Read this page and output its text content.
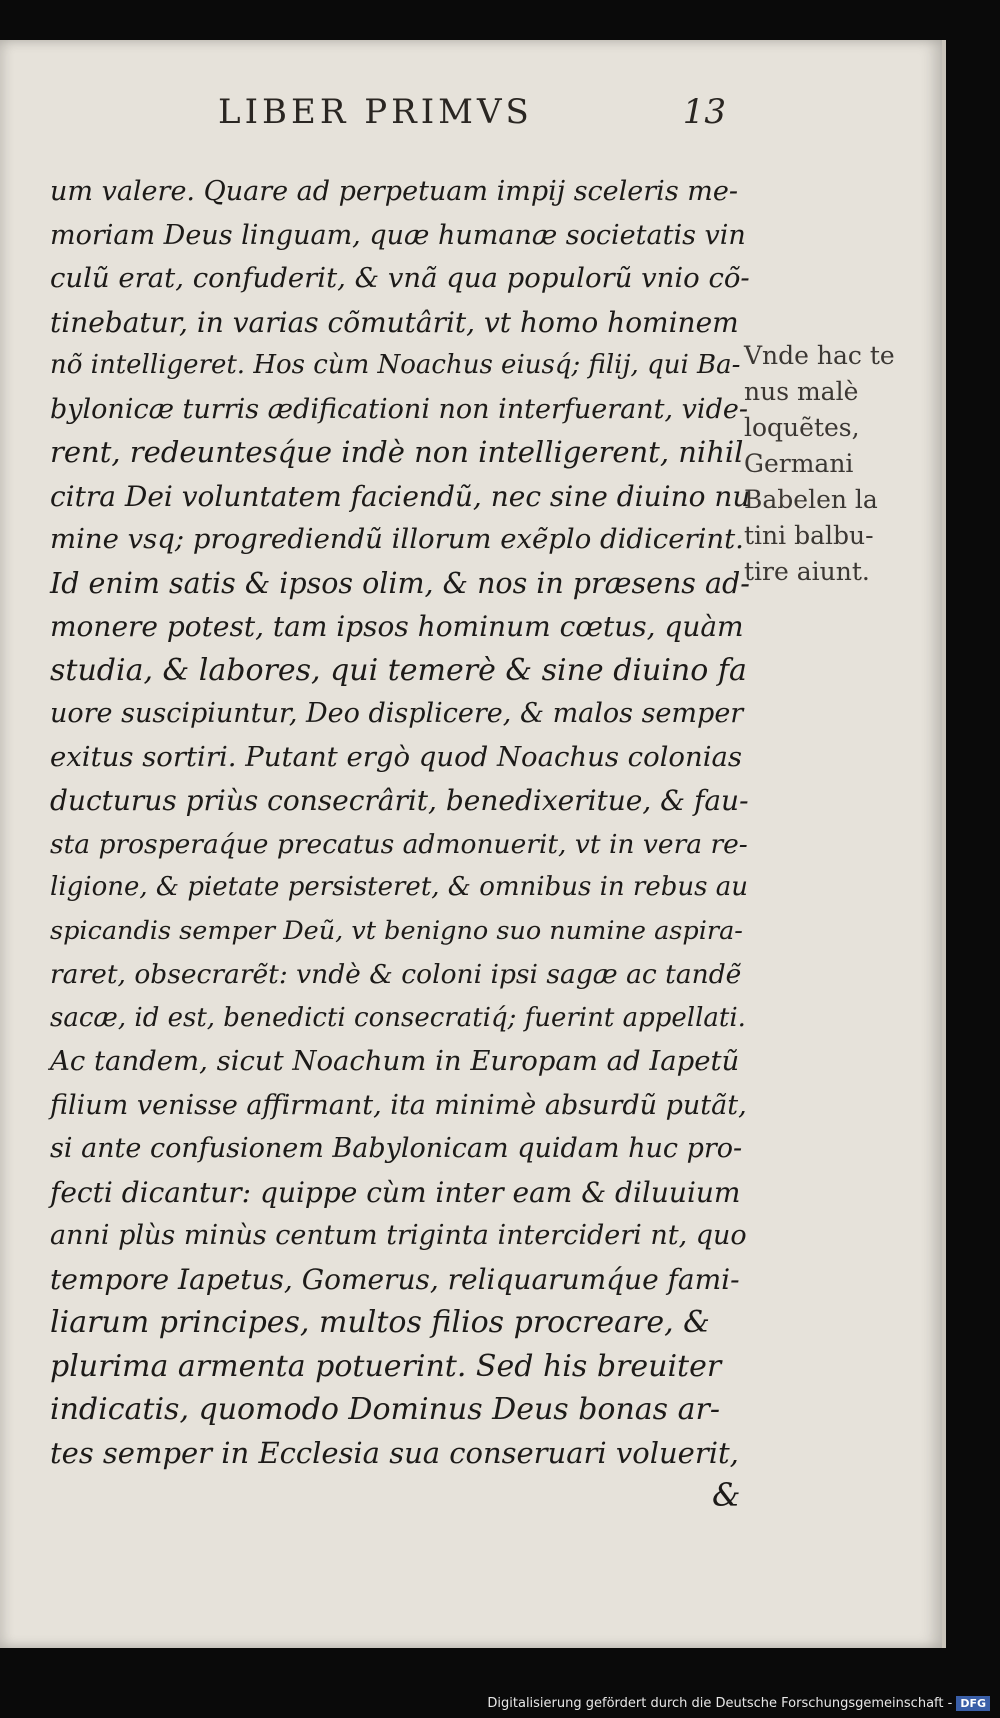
LIBER PRIMVS	13
um valere. Quare ad perpetuam impij sceleris me-
moriam Deus linguam, quæ humanæ societatis vin
culũ erat, confuderit, & vnã qua populorũ vnio cõ-
tinebatur, in varias cõmutârit, vt homo hominem
nõ intelligeret. Hos cùm Noachus eiusq́; filij, qui Ba-
bylonicæ turris ædificationi non interfuerant, vide-
rent, redeuntesq́ue indè non intelligerent, nihil
citra Dei voluntatem faciendũ, nec sine diuino nu
mine vsq; progrediendũ illorum exẽplo didicerint.
Id enim satis & ipsos olim, & nos in præsens ad-
monere potest, tam ipsos hominum cœtus, quàm
studia, & labores, qui temerè & sine diuino fa
uore suscipiuntur, Deo displicere, & malos semper
exitus sortiri. Putant ergò quod Noachus colonias
ducturus priùs consecrârit, benedixeritue, & fau-
sta prosperaq́ue precatus admonuerit, vt in vera re-
ligione, & pietate persisteret, & omnibus in rebus au
spicandis semper Deũ, vt benigno suo numine aspira-
raret, obsecrarẽt: vndè & coloni ipsi sagæ ac tandẽ
sacæ, id est, benedicti consecratiq́; fuerint appellati.
Ac tandem, sicut Noachum in Europam ad Iapetũ
filium venisse affirmant, ita minimè absurdũ putãt,
si ante confusionem Babylonicam quidam huc pro-
fecti dicantur: quippe cùm inter eam & diluuium
anni plùs minùs centum triginta intercideri nt, quo
tempore Iapetus, Gomerus, reliquarumq́ue fami-
liarum principes, multos filios procreare, &
plurima armenta potuerint. Sed his breuiter
indicatis, quomodo Dominus Deus bonas ar-
tes semper in Ecclesia sua conseruari voluerit,
&
Vnde hac te
nus malè
loquẽtes,
Germani
Babelen la
tini balbu-
tire aiunt.
Digitalisierung gefördert durch die Deutsche Forschungsgemeinschaft - DFG
